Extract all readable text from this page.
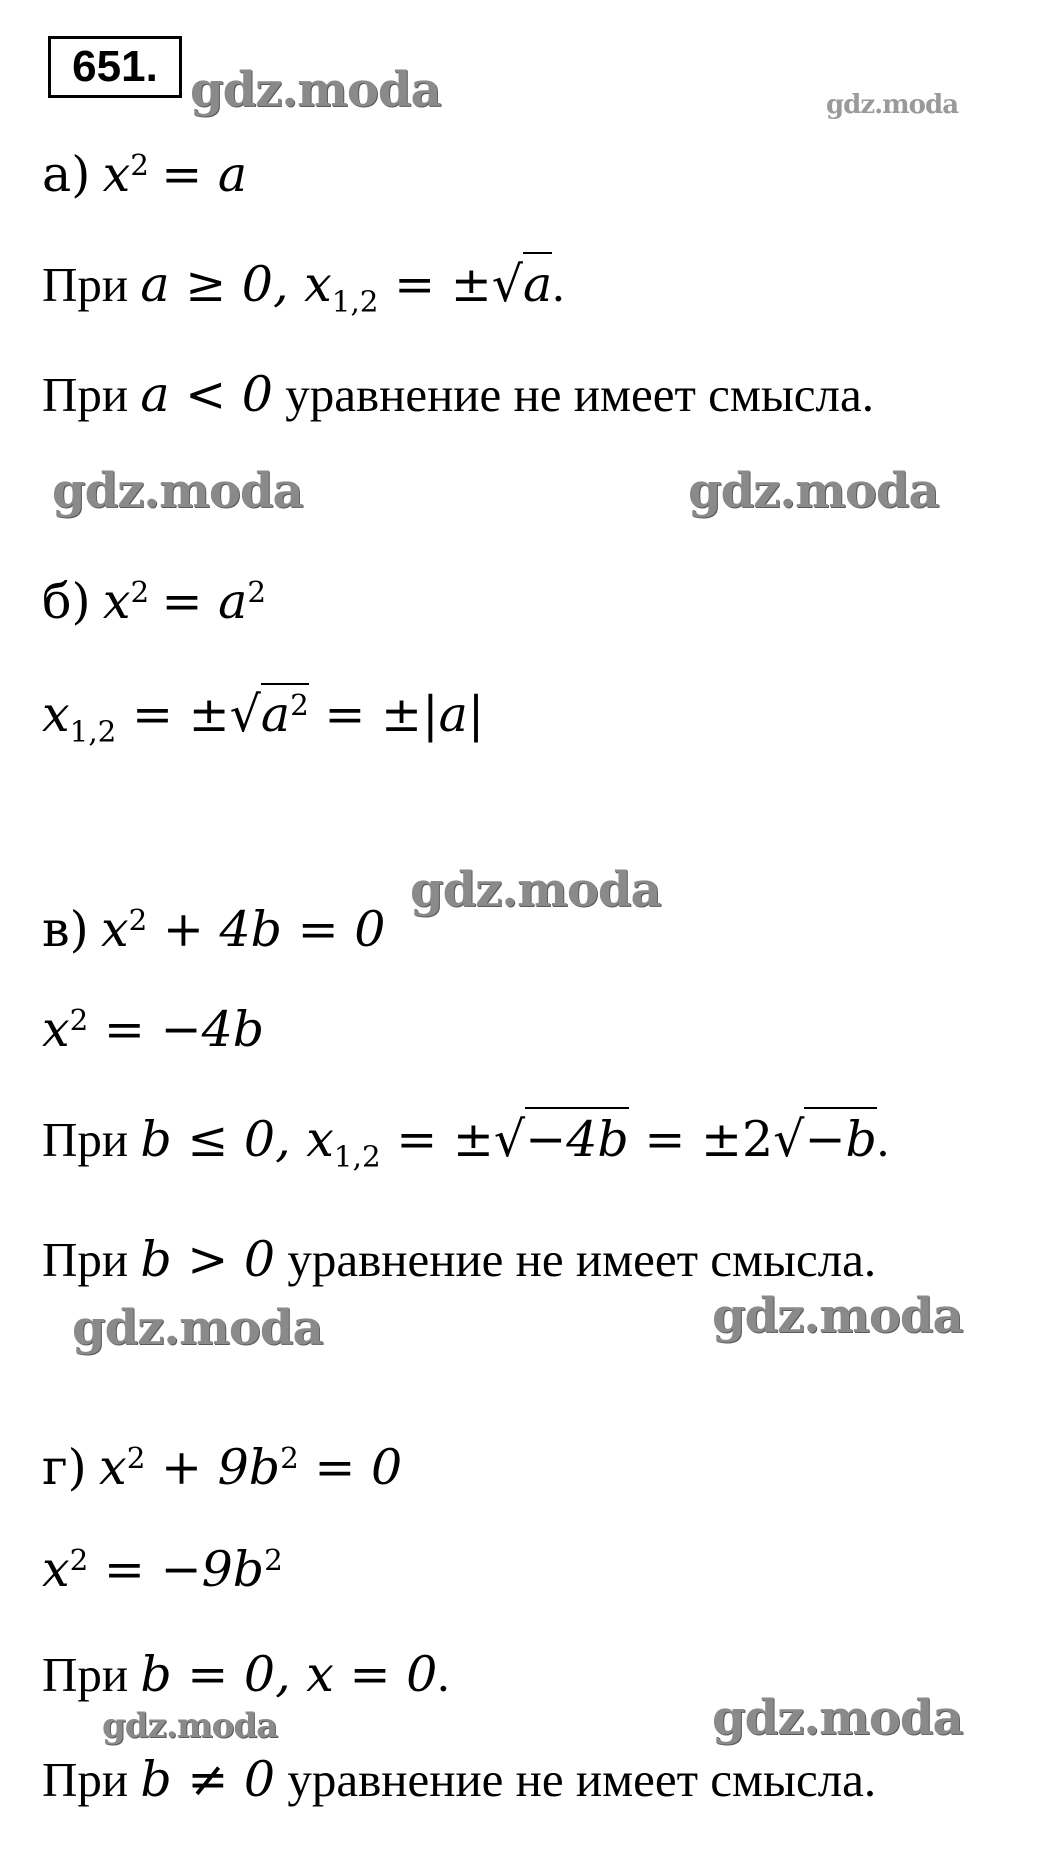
651. gdz.moda	gdz.moda
gdz.moda	gdz.moda
gdz.moda
gdz.moda	gdz.moda
gdz.moda	gdz.moda
а) $x^2 = a$
При a ≥ 0, $x_{1,2} = \pm√a$.
При a < 0 уравнение не имеет смысла.
б) $x^2 = a^2$
$x_{1,2} = \pm√a^2 = \pm|a|$
в) $x^2 + 4b = 0$
$x^2 = -4b$
При b ≤ 0, $x_{1,2} = \pm√-4b = \pm 2√-b$.
При b > 0 уравнение не имеет смысла.
г) $x^2 + 9b^2 = 0$
$x^2 = -9b^2$
При b = 0, x = 0.
При b ≠ 0 уравнение не имеет смысла.
